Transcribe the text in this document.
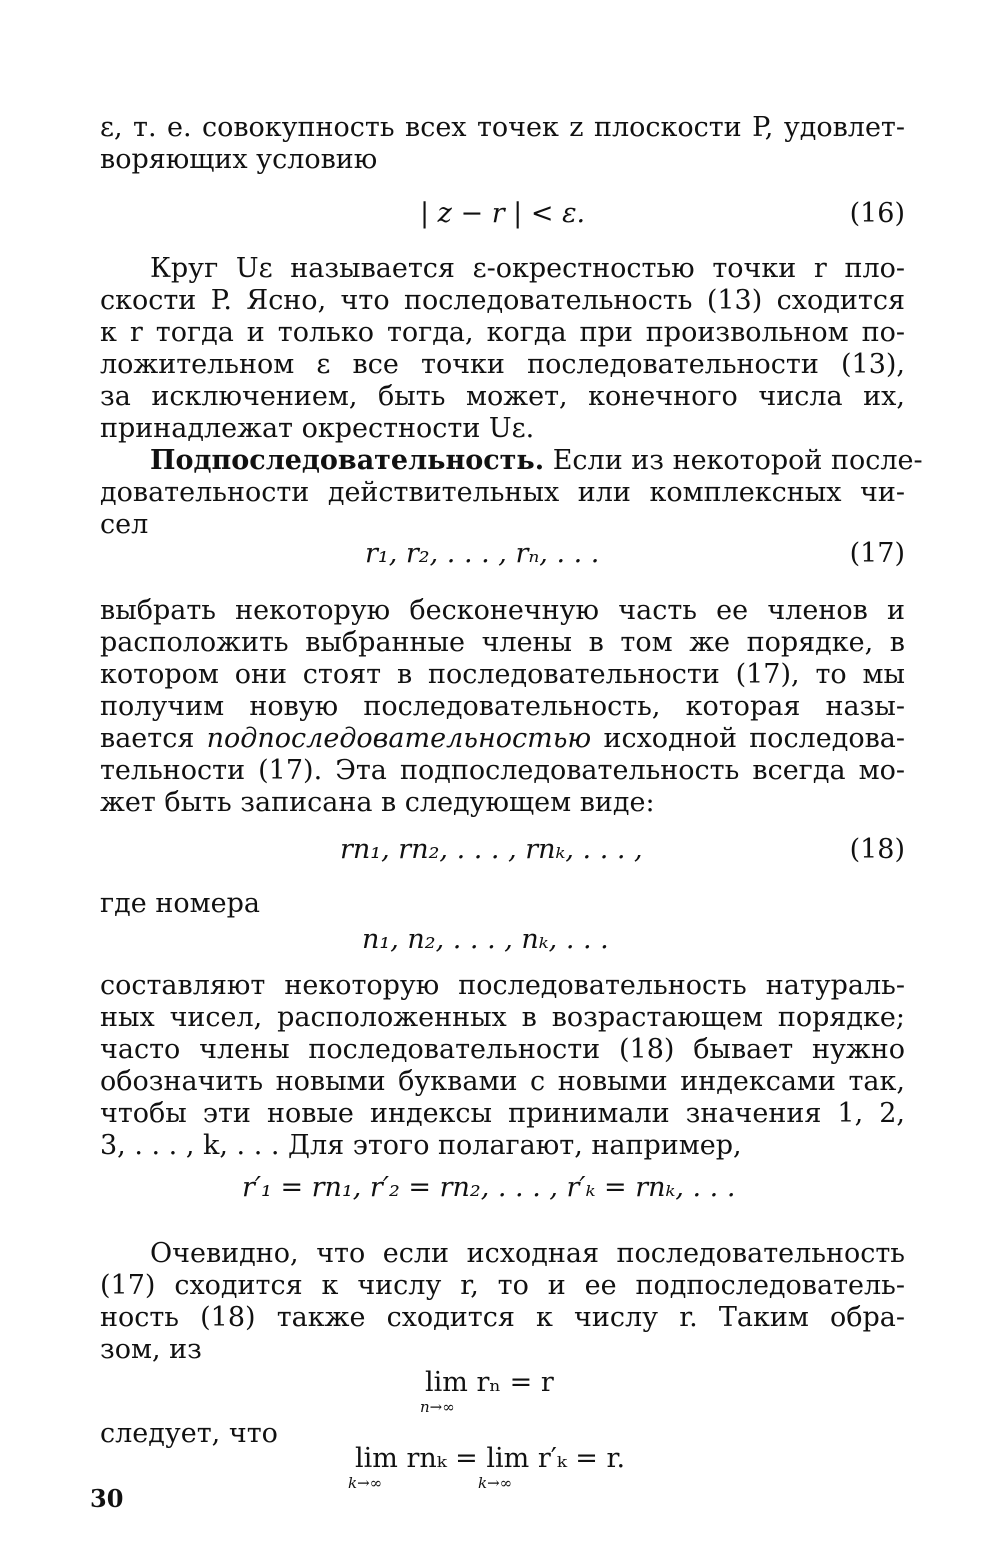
ε, т. е. совокупность всех точек z плоскости P, удовлет-
воряющих условию
| z − r | < ε.	(16)
Круг Uε называется ε-окрестностью точки r пло-
скости P. Ясно, что последовательность (13) сходится
к r тогда и только тогда, когда при произвольном по-
ложительном ε все точки последовательности (13),
за исключением, быть может, конечного числа их,
принадлежат окрестности Uε.
Подпоследовательность. Если из некоторой после-
довательности действительных или комплексных чи-
сел
r₁, r₂, . . . , rₙ, . . .	(17)
выбрать некоторую бесконечную часть ее членов и
расположить выбранные члены в том же порядке, в
котором они стоят в последовательности (17), то мы
получим новую последовательность, которая назы-
вается подпоследовательностью исходной последова-
тельности (17). Эта подпоследовательность всегда мо-
жет быть записана в следующем виде:
rn₁, rn₂, . . . , rnₖ, . . . ,	(18)
где номера
n₁, n₂, . . . , nₖ, . . .
составляют некоторую последовательность натураль-
ных чисел, расположенных в возрастающем порядке;
часто члены последовательности (18) бывает нужно
обозначить новыми буквами с новыми индексами так,
чтобы эти новые индексы принимали значения 1, 2,
3, . . . , k, . . . Для этого полагают, например,
r′₁ = rn₁, r′₂ = rn₂, . . . , r′ₖ = rnₖ, . . .
Очевидно, что если исходная последовательность
(17) сходится к числу r, то и ее подпоследователь-
ность (18) также сходится к числу r. Таким обра-
зом, из
lim rₙ = r
n→∞
следует, что
lim rnₖ = lim r′ₖ = r.
k→∞	k→∞
30
